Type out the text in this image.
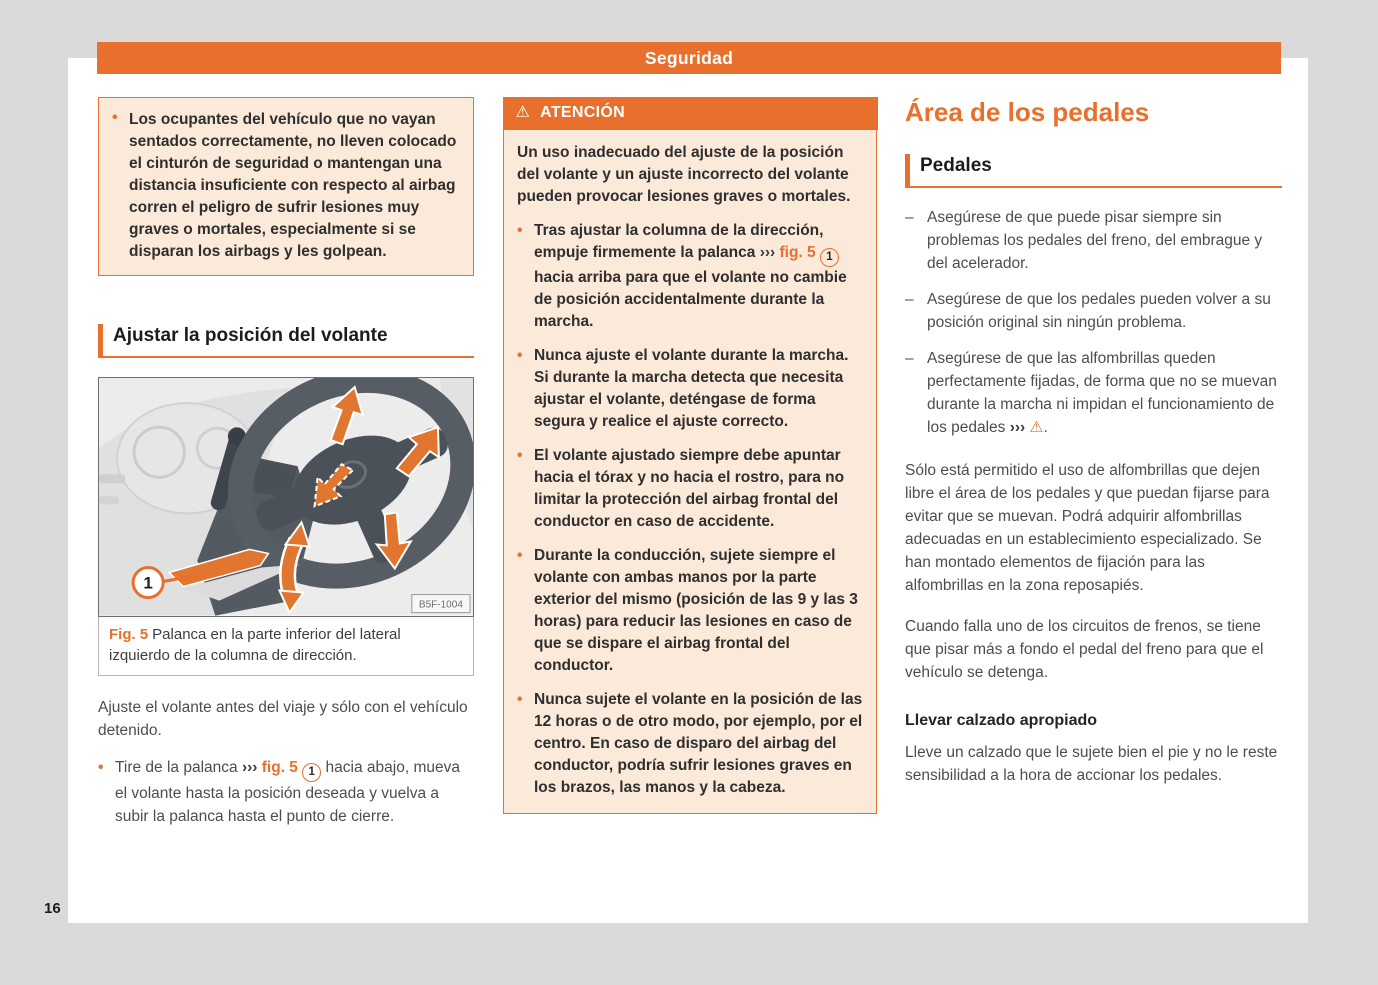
Seguridad
16
• Los ocupantes del vehículo que no vayan sentados correctamente, no lleven colocado el cinturón de seguridad o mantengan una distancia insuficiente con respecto al airbag corren el peligro de sufrir lesiones muy graves o mortales, especialmente si se disparan los airbags y les golpean.
Ajustar la posición del volante
1
B5F-1004
Fig. 5 Palanca en la parte inferior del lateral izquierdo de la columna de dirección.

Ajuste el volante antes del viaje y sólo con el vehículo detenido.

• Tire de la palanca ››› fig. 5 1 hacia abajo, mueva el volante hasta la posición deseada y vuelva a subir la palanca hasta el punto de cierre.
⚠ ATENCIÓN

Un uso inadecuado del ajuste de la posición del volante y un ajuste incorrecto del volante pueden provocar lesiones graves o mortales.

• Tras ajustar la columna de la dirección, empuje firmemente la palanca ››› fig. 5 1 hacia arriba para que el volante no cambie de posición accidentalmente durante la marcha.
• Nunca ajuste el volante durante la marcha. Si durante la marcha detecta que necesita ajustar el volante, deténgase de forma segura y realice el ajuste correcto.
• El volante ajustado siempre debe apuntar hacia el tórax y no hacia el rostro, para no limitar la protección del airbag frontal del conductor en caso de accidente.
• Durante la conducción, sujete siempre el volante con ambas manos por la parte exterior del mismo (posición de las 9 y las 3 horas) para reducir las lesiones en caso de que se dispare el airbag frontal del conductor.
• Nunca sujete el volante en la posición de las 12 horas o de otro modo, por ejemplo, por el centro. En caso de disparo del airbag del conductor, podría sufrir lesiones graves en los brazos, las manos y la cabeza.
Área de los pedales
Pedales
– Asegúrese de que puede pisar siempre sin problemas los pedales del freno, del embrague y del acelerador.
– Asegúrese de que los pedales pueden volver a su posición original sin ningún problema.
– Asegúrese de que las alfombrillas queden perfectamente fijadas, de forma que no se muevan durante la marcha ni impidan el funcionamiento de los pedales ››› ⚠.

Sólo está permitido el uso de alfombrillas que dejen libre el área de los pedales y que puedan fijarse para evitar que se muevan. Podrá adquirir alfombrillas adecuadas en un establecimiento especializado. Se han montado elementos de fijación para las alfombrillas en la zona reposapiés.

Cuando falla uno de los circuitos de frenos, se tiene que pisar más a fondo el pedal del freno para que el vehículo se detenga.

Llevar calzado apropiado

Lleve un calzado que le sujete bien el pie y no le reste sensibilidad a la hora de accionar los pedales.
